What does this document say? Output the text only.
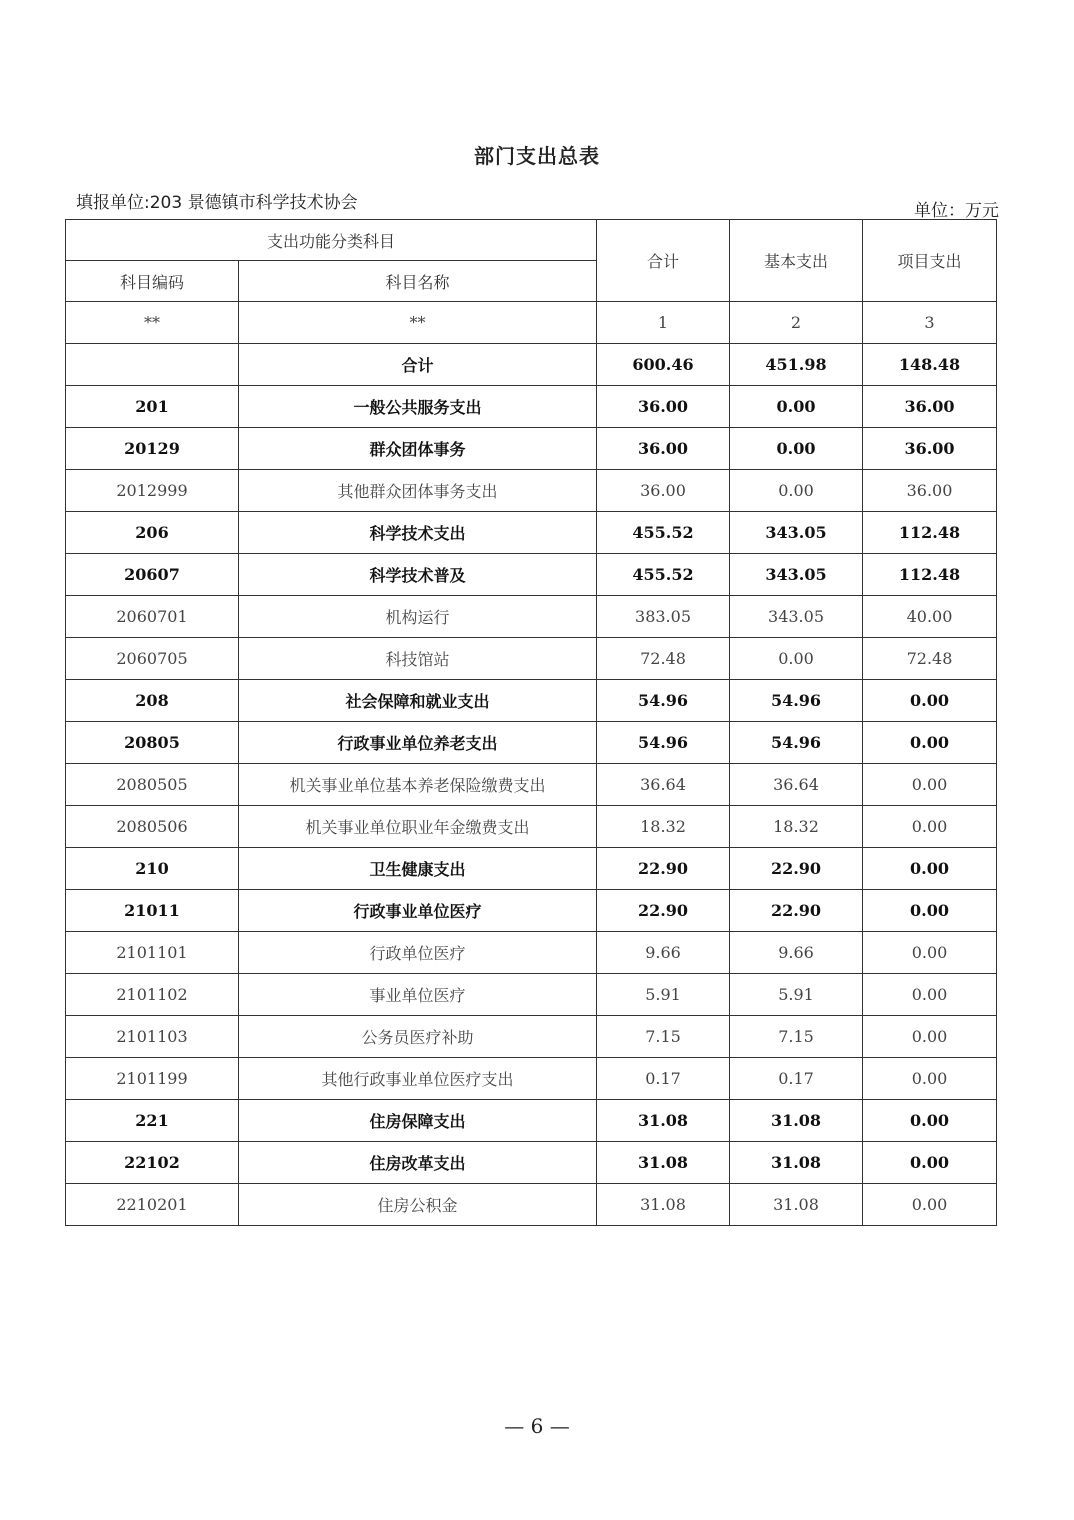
部门支出总表
填报单位:203 景德镇市科学技术协会	单位：万元
支出功能分类科目		合计	基本支出	项目支出
科目编码	科目名称			
**	**	1	2	3
	合计	600.46	451.98	148.48
201	一般公共服务支出	36.00	0.00	36.00
20129	群众团体事务	36.00	0.00	36.00
2012999	其他群众团体事务支出	36.00	0.00	36.00
206	科学技术支出	455.52	343.05	112.48
20607	科学技术普及	455.52	343.05	112.48
2060701	机构运行	383.05	343.05	40.00
2060705	科技馆站	72.48	0.00	72.48
208	社会保障和就业支出	54.96	54.96	0.00
20805	行政事业单位养老支出	54.96	54.96	0.00
2080505	机关事业单位基本养老保险缴费支出	36.64	36.64	0.00
2080506	机关事业单位职业年金缴费支出	18.32	18.32	0.00
210	卫生健康支出	22.90	22.90	0.00
21011	行政事业单位医疗	22.90	22.90	0.00
2101101	行政单位医疗	9.66	9.66	0.00
2101102	事业单位医疗	5.91	5.91	0.00
2101103	公务员医疗补助	7.15	7.15	0.00
2101199	其他行政事业单位医疗支出	0.17	0.17	0.00
221	住房保障支出	31.08	31.08	0.00
22102	住房改革支出	31.08	31.08	0.00
2210201	住房公积金	31.08	31.08	0.00
— 6 —
